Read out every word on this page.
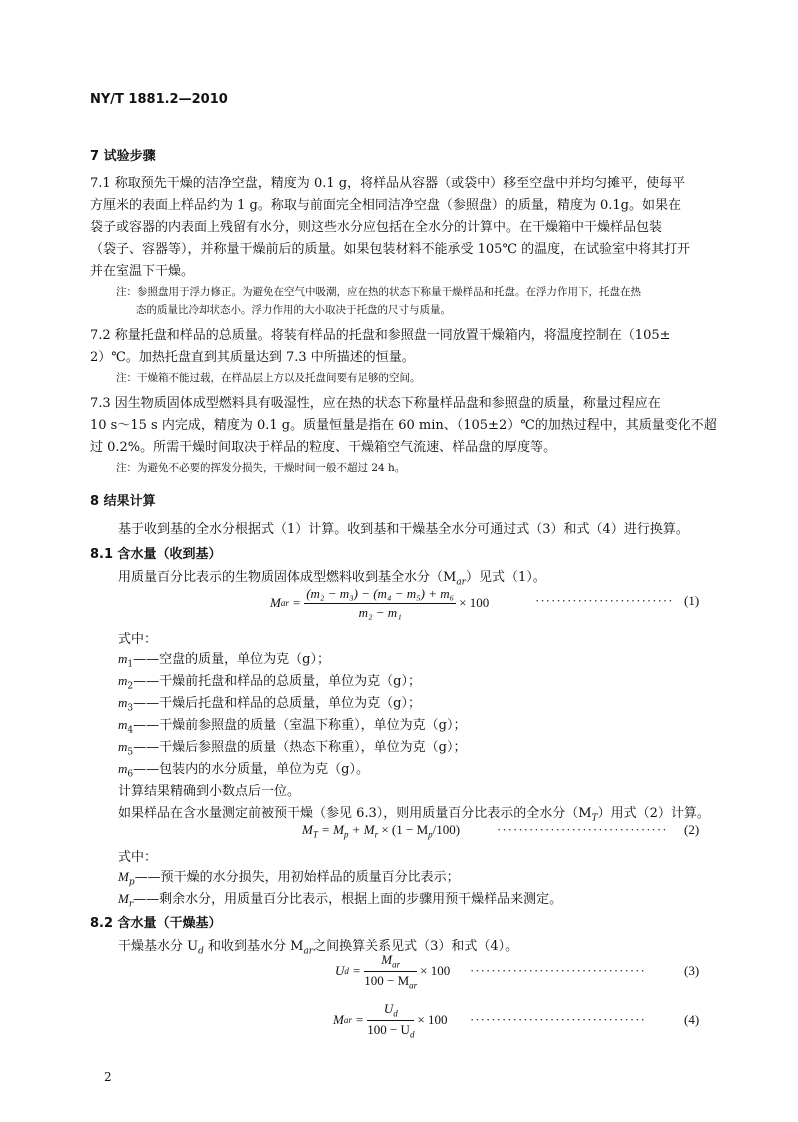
NY/T 1881.2—2010
7 试验步骤
7.1 称取预先干燥的洁净空盘，精度为 0.1 g，将样品从容器（或袋中）移至空盘中并均匀摊平，使每平
方厘米的表面上样品约为 1 g。称取与前面完全相同洁净空盘（参照盘）的质量，精度为 0.1g。如果在
袋子或容器的内表面上残留有水分，则这些水分应包括在全水分的计算中。在干燥箱中干燥样品包装
（袋子、容器等），并称量干燥前后的质量。如果包装材料不能承受 105℃ 的温度，在试验室中将其打开
并在室温下干燥。
注：参照盘用于浮力修正。为避免在空气中吸潮，应在热的状态下称量干燥样品和托盘。在浮力作用下，托盘在热
态的质量比冷却状态小。浮力作用的大小取决于托盘的尺寸与质量。
7.2 称量托盘和样品的总质量。将装有样品的托盘和参照盘一同放置干燥箱内，将温度控制在（105±
2）℃。加热托盘直到其质量达到 7.3 中所描述的恒量。
注：干燥箱不能过载，在样品层上方以及托盘间要有足够的空间。
7.3 因生物质固体成型燃料具有吸湿性，应在热的状态下称量样品盘和参照盘的质量，称量过程应在
10 s～15 s 内完成，精度为 0.1 g。质量恒量是指在 60 min、（105±2）℃的加热过程中，其质量变化不超
过 0.2%。所需干燥时间取决于样品的粒度、干燥箱空气流速、样品盘的厚度等。
注：为避免不必要的挥发分损失，干燥时间一般不超过 24 h。
8 结果计算
基于收到基的全水分根据式（1）计算。收到基和干燥基全水分可通过式（3）和式（4）进行换算。
8.1 含水量（收到基）
用质量百分比表示的生物质固体成型燃料收到基全水分$(M_{ar})$见式（1）。
M ar = $\frac{\text{(m₂ − m₃) − (m₄ − m₅) + m₆}}{\text{m₂ − m₁}} \times 100$	·························· (1)
式中：
$m_1——$空盘的质量，单位为克（g）；
$m_2——$干燥前托盘和样品的总质量，单位为克（g）；
$m_3——$干燥后托盘和样品的总质量，单位为克（g）；
$m_4——$干燥前参照盘的质量（室温下称重），单位为克（g）；
$m_5——$干燥后参照盘的质量（热态下称重），单位为克（g）；
$m_6——$包装内的水分质量，单位为克（g）。
计算结果精确到小数点后一位。
如果样品在含水量测定前被预干燥（参见 6.3），则用质量百分比表示的全水分$(M_T)$用式（2）计算。
$M_T = M_p + M_r \times (1 - M_p/100)$	································ (2)
式中：
$M_p——$预干燥的水分损失，用初始样品的质量百分比表示；
$M_r——$剩余水分，用质量百分比表示，根据上面的步骤用预干燥样品来测定。
8.2 含水量（干燥基）
干燥基水分 $U_d$ 和收到基水分 $M_{ar}$之间换算关系见式（3）和式（4）。
U $d = \frac{M_{ar}}{100 - M_{ar}} \times 100$ ·································	(3)
M ar = $\frac{U_d}{100 - U_d} \times 100$ ·································	(4)
2
